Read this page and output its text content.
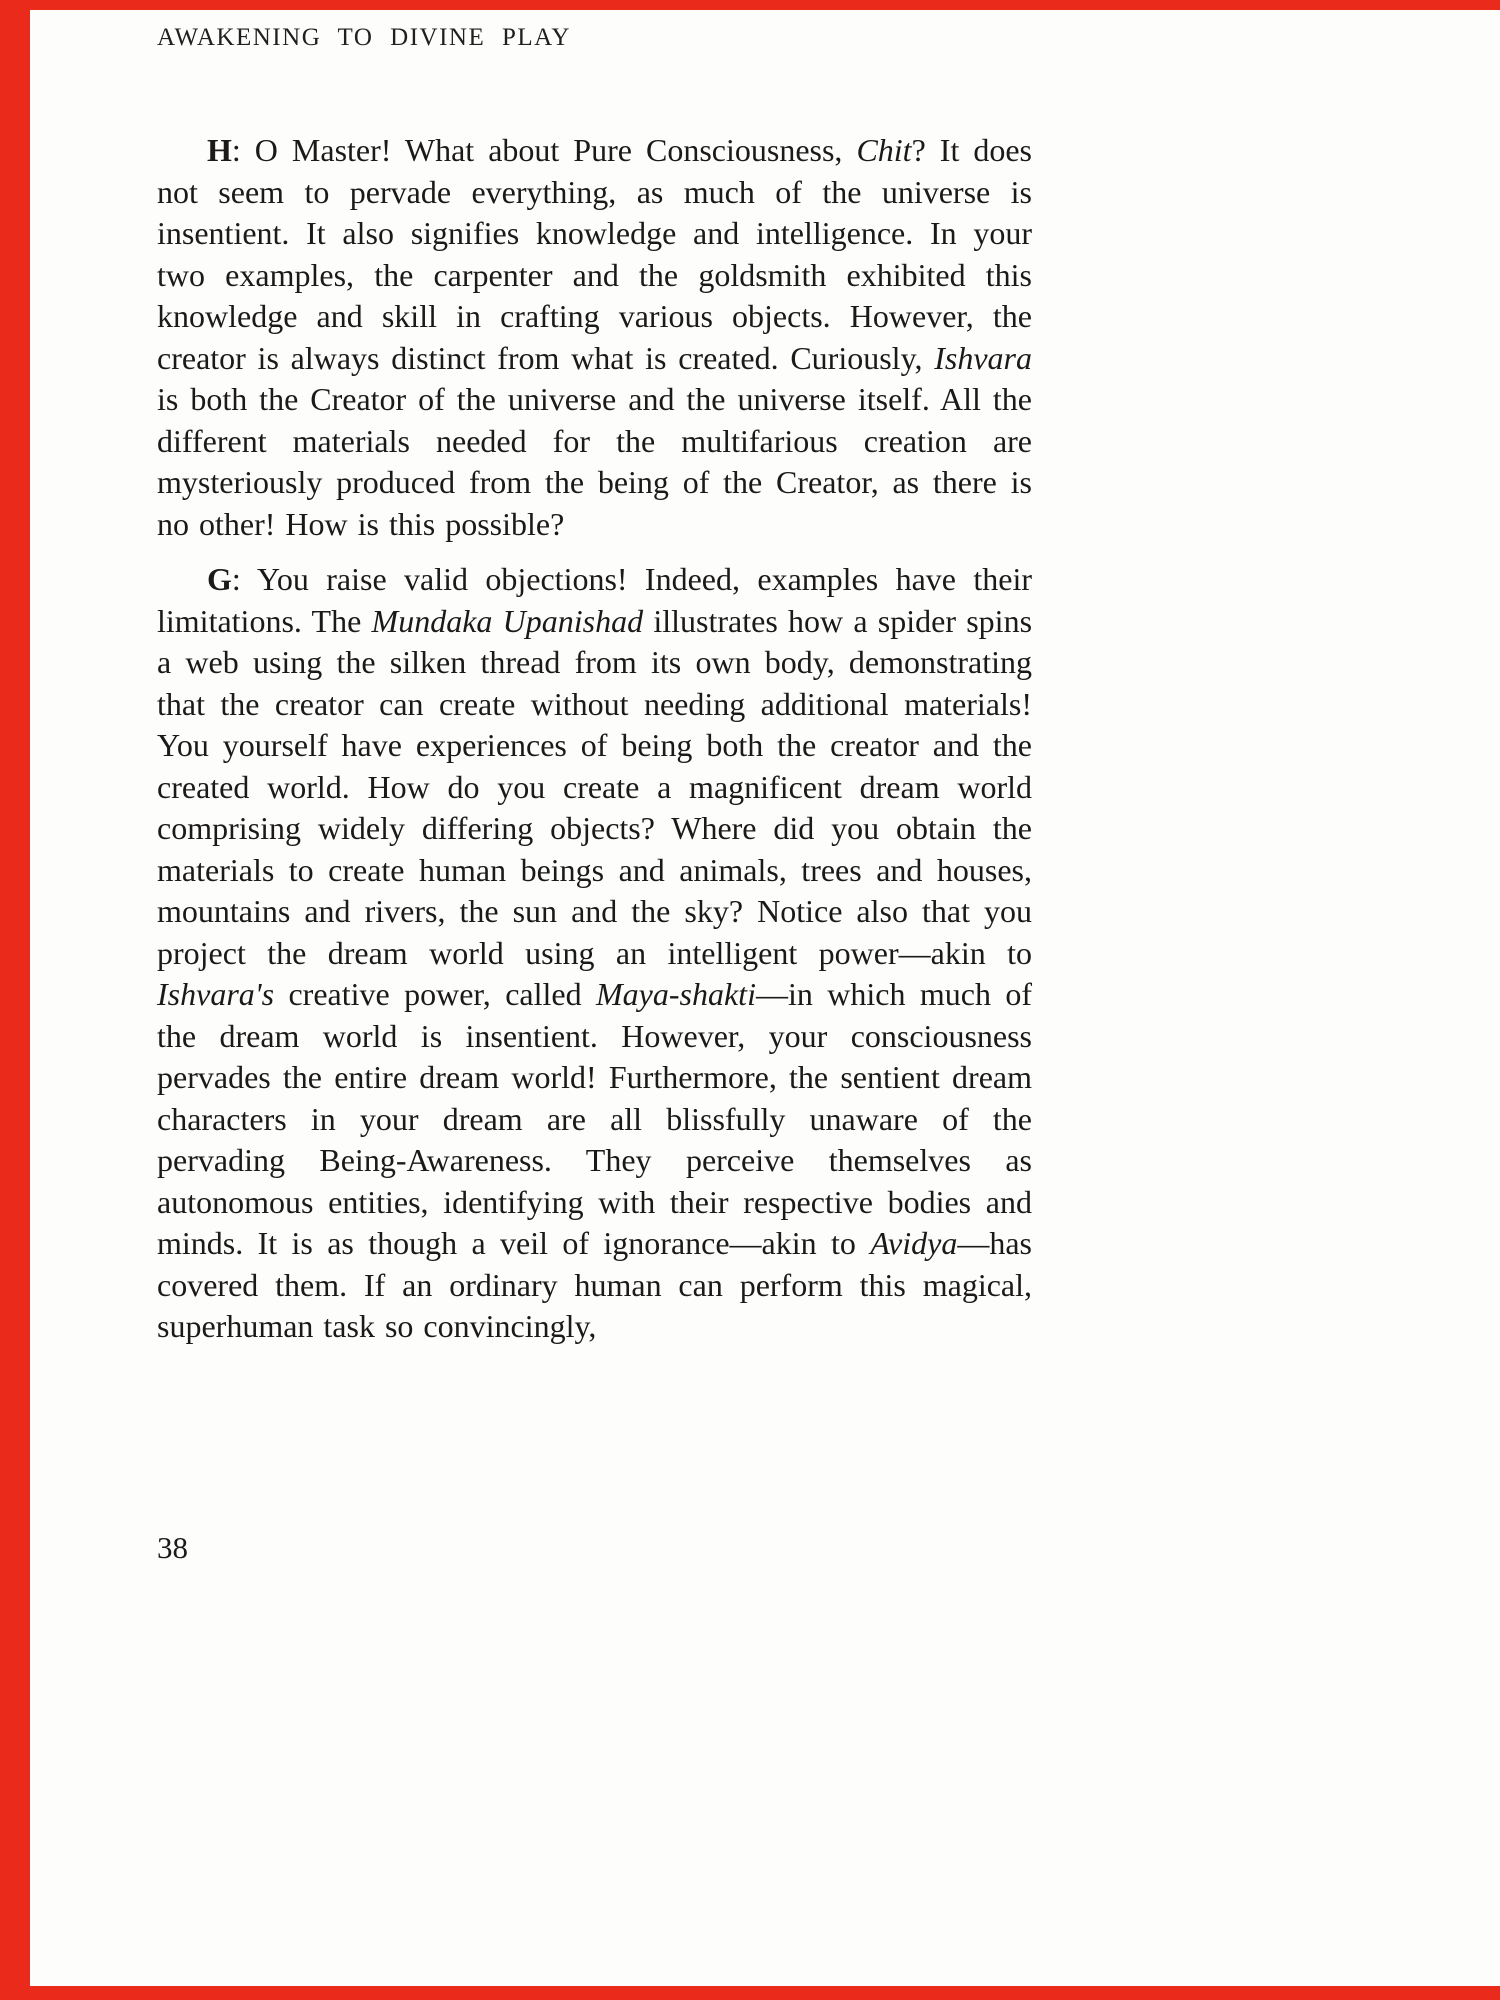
AWAKENING TO DIVINE PLAY

H: O Master! What about Pure Consciousness, Chit? It does not seem to pervade everything, as much of the universe is insentient. It also signifies knowledge and intelligence. In your two examples, the carpenter and the goldsmith exhibited this knowledge and skill in crafting various objects. However, the creator is always distinct from what is created. Curiously, Ishvara is both the Creator of the universe and the universe itself. All the different materials needed for the multifarious creation are mysteriously produced from the being of the Creator, as there is no other! How is this possible?

G: You raise valid objections! Indeed, examples have their limitations. The Mundaka Upanishad illustrates how a spider spins a web using the silken thread from its own body, demonstrating that the creator can create without needing additional materials! You yourself have experiences of being both the creator and the created world. How do you create a magnificent dream world comprising widely differing objects? Where did you obtain the materials to create human beings and animals, trees and houses, mountains and rivers, the sun and the sky? Notice also that you project the dream world using an intelligent power—akin to Ishvara's creative power, called Maya-shakti—in which much of the dream world is insentient. However, your consciousness pervades the entire dream world! Furthermore, the sentient dream characters in your dream are all blissfully unaware of the pervading Being-Awareness. They perceive themselves as autonomous entities, identifying with their respective bodies and minds. It is as though a veil of ignorance—akin to Avidya—has covered them. If an ordinary human can perform this magical, superhuman task so convincingly,

38
